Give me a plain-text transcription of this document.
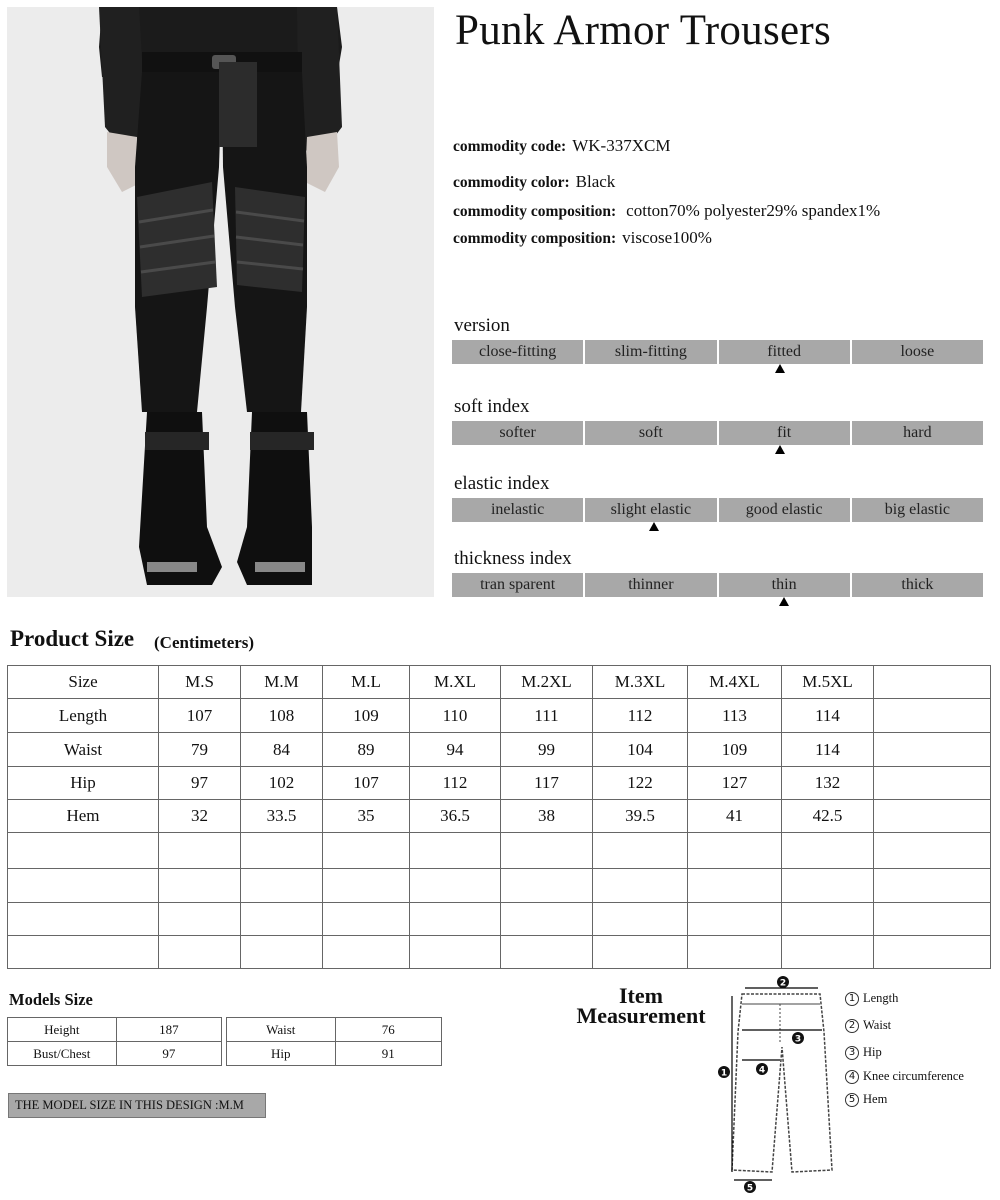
Punk Armor Trousers
commodity code: WK-337XCM
commodity color: Black
commodity composition: cotton70% polyester29% spandex1%
commodity composition: viscose100%
version
close-fitting	slim-fitting	fitted	loose
soft index
softer	soft	fit	hard
elastic index
inelastic	slight elastic	good elastic	big elastic
thickness index
tran sparent	thinner	thin	thick
Product Size (Centimeters)
Size	M.S	M.M	M.L	M.XL	M.2XL	M.3XL	M.4XL	M.5XL	
Length	107	108	109	110	111	112	113	114	
Waist	79	84	89	94	99	104	109	114	
Hip	97	102	107	112	117	122	127	132	
Hem	32	33.5	35	36.5	38	39.5	41	42.5	

Models Size
Height	187
Bust/Chest	97
Waist	76
Hip	91
THE MODEL SIZE IN THIS DESIGN :M.M
Item
Measurement
2
3
4
1
5
1 Length
2 Waist
3 Hip
4 Knee circumference
5 Hem
